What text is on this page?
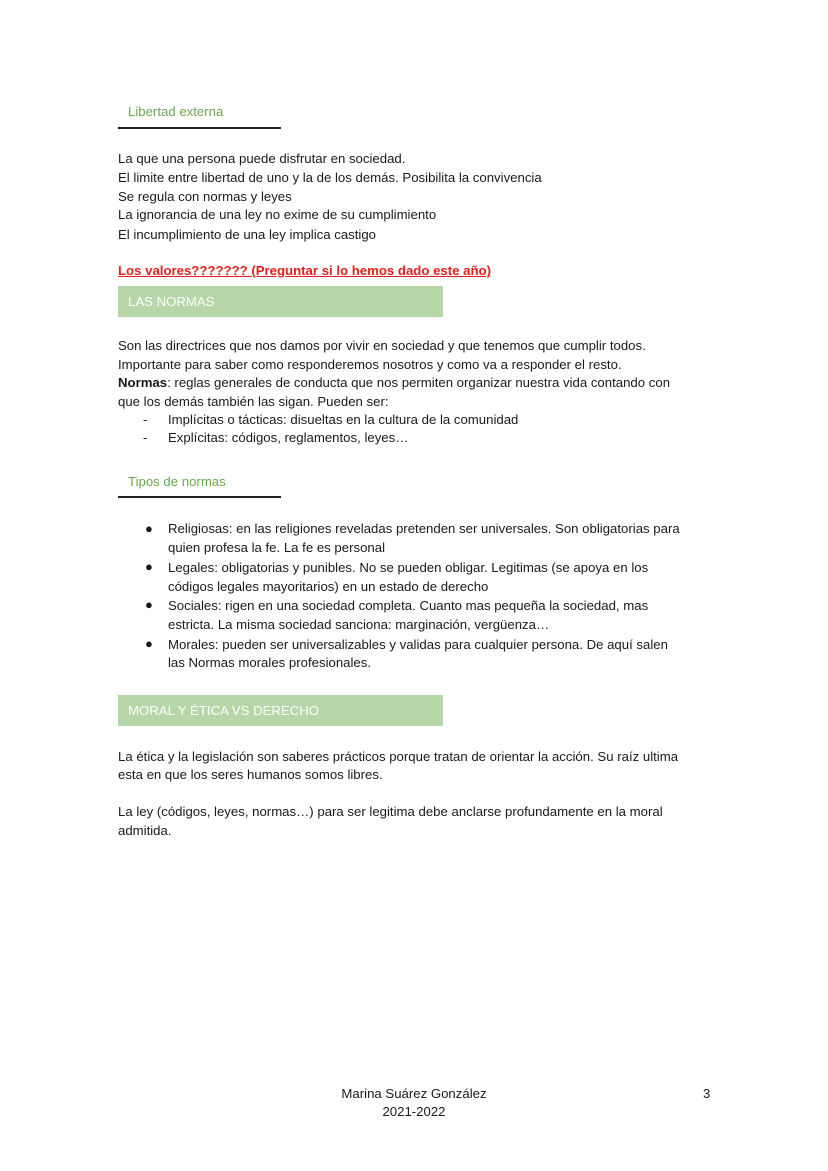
Libertad externa
La que una persona puede disfrutar en sociedad.
El limite entre libertad de uno y la de los demás. Posibilita la convivencia
Se regula con normas y leyes
La ignorancia de una ley no exime de su cumplimiento
El incumplimiento de una ley implica castigo
Los valores??????? (Preguntar si lo hemos dado este año)
LAS NORMAS
Son las directrices que nos damos por vivir en sociedad y que tenemos que cumplir todos.
Importante para saber como responderemos nosotros y como va a responder el resto.
Normas: reglas generales de conducta que nos permiten organizar nuestra vida contando con
que los demás también las sigan. Pueden ser:
- Implícitas o tácticas: disueltas en la cultura de la comunidad
- Explícitas: códigos, reglamentos, leyes…
Tipos de normas
● Religiosas: en las religiones reveladas pretenden ser universales. Son obligatorias para
quien profesa la fe. La fe es personal
● Legales: obligatorias y punibles. No se pueden obligar. Legitimas (se apoya en los
códigos legales mayoritarios) en un estado de derecho
● Sociales: rigen en una sociedad completa. Cuanto mas pequeña la sociedad, mas
estricta. La misma sociedad sanciona: marginación, vergüenza…
● Morales: pueden ser universalizables y validas para cualquier persona. De aquí salen
las Normas morales profesionales.
MORAL Y ÉTICA VS DERECHO
La ética y la legislación son saberes prácticos porque tratan de orientar la acción. Su raíz ultima
esta en que los seres humanos somos libres.
La ley (códigos, leyes, normas…) para ser legitima debe anclarse profundamente en la moral
admitida.
Marina Suárez González
2021-2022
3
